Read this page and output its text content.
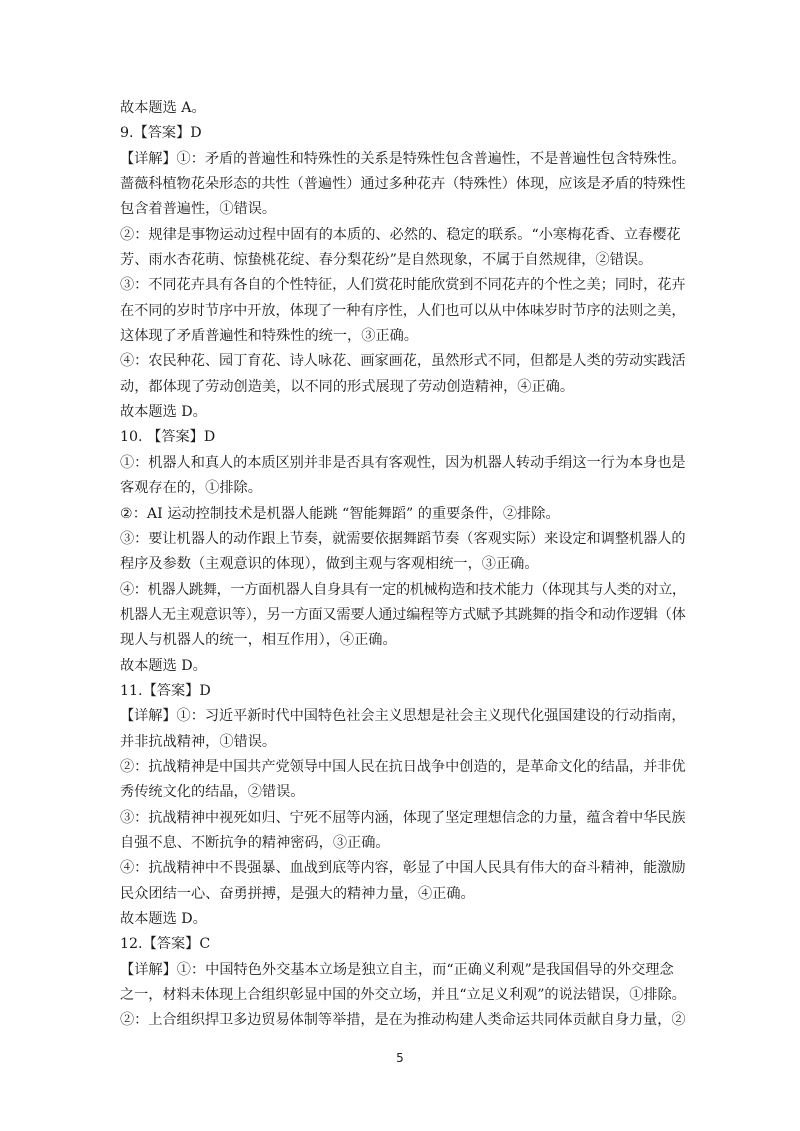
故本题选 A。
9.【答案】D
【详解】①：矛盾的普遍性和特殊性的关系是特殊性包含普遍性，不是普遍性包含特殊性。
蔷薇科植物花朵形态的共性（普遍性）通过多种花卉（特殊性）体现，应该是矛盾的特殊性
包含着普遍性，①错误。
②：规律是事物运动过程中固有的本质的、必然的、稳定的联系。“小寒梅花香、立春樱花
芳、雨水杏花萌、惊蛰桃花绽、春分梨花纷”是自然现象，不属于自然规律，②错误。
③：不同花卉具有各自的个性特征，人们赏花时能欣赏到不同花卉的个性之美；同时，花卉
在不同的岁时节序中开放，体现了一种有序性，人们也可以从中体味岁时节序的法则之美，
这体现了矛盾普遍性和特殊性的统一，③正确。
④：农民种花、园丁育花、诗人咏花、画家画花，虽然形式不同，但都是人类的劳动实践活
动，都体现了劳动创造美，以不同的形式展现了劳动创造精神，④正确。
故本题选 D。
10. 【答案】D
①：机器人和真人的本质区别并非是否具有客观性，因为机器人转动手绢这一行为本身也是
客观存在的，①排除。
②：AI 运动控制技术是机器人能跳 “智能舞蹈” 的重要条件，②排除。
③：要让机器人的动作跟上节奏，就需要依据舞蹈节奏（客观实际）来设定和调整机器人的
程序及参数（主观意识的体现），做到主观与客观相统一，③正确。
④：机器人跳舞，一方面机器人自身具有一定的机械构造和技术能力（体现其与人类的对立，
机器人无主观意识等），另一方面又需要人通过编程等方式赋予其跳舞的指令和动作逻辑（体
现人与机器人的统一，相互作用），④正确。
故本题选 D。
11.【答案】D
【详解】①：习近平新时代中国特色社会主义思想是社会主义现代化强国建设的行动指南，
并非抗战精神，①错误。
②：抗战精神是中国共产党领导中国人民在抗日战争中创造的，是革命文化的结晶，并非优
秀传统文化的结晶，②错误。
③：抗战精神中视死如归、宁死不屈等内涵，体现了坚定理想信念的力量，蕴含着中华民族
自强不息、不断抗争的精神密码，③正确。
④：抗战精神中不畏强暴、血战到底等内容，彰显了中国人民具有伟大的奋斗精神，能激励
民众团结一心、奋勇拼搏，是强大的精神力量，④正确。
故本题选 D。
12.【答案】C
【详解】①：中国特色外交基本立场是独立自主，而“正确义利观”是我国倡导的外交理念
之一，材料未体现上合组织彰显中国的外交立场，并且“立足义利观”的说法错误，①排除。
②：上合组织捍卫多边贸易体制等举措，是在为推动构建人类命运共同体贡献自身力量，②
5
